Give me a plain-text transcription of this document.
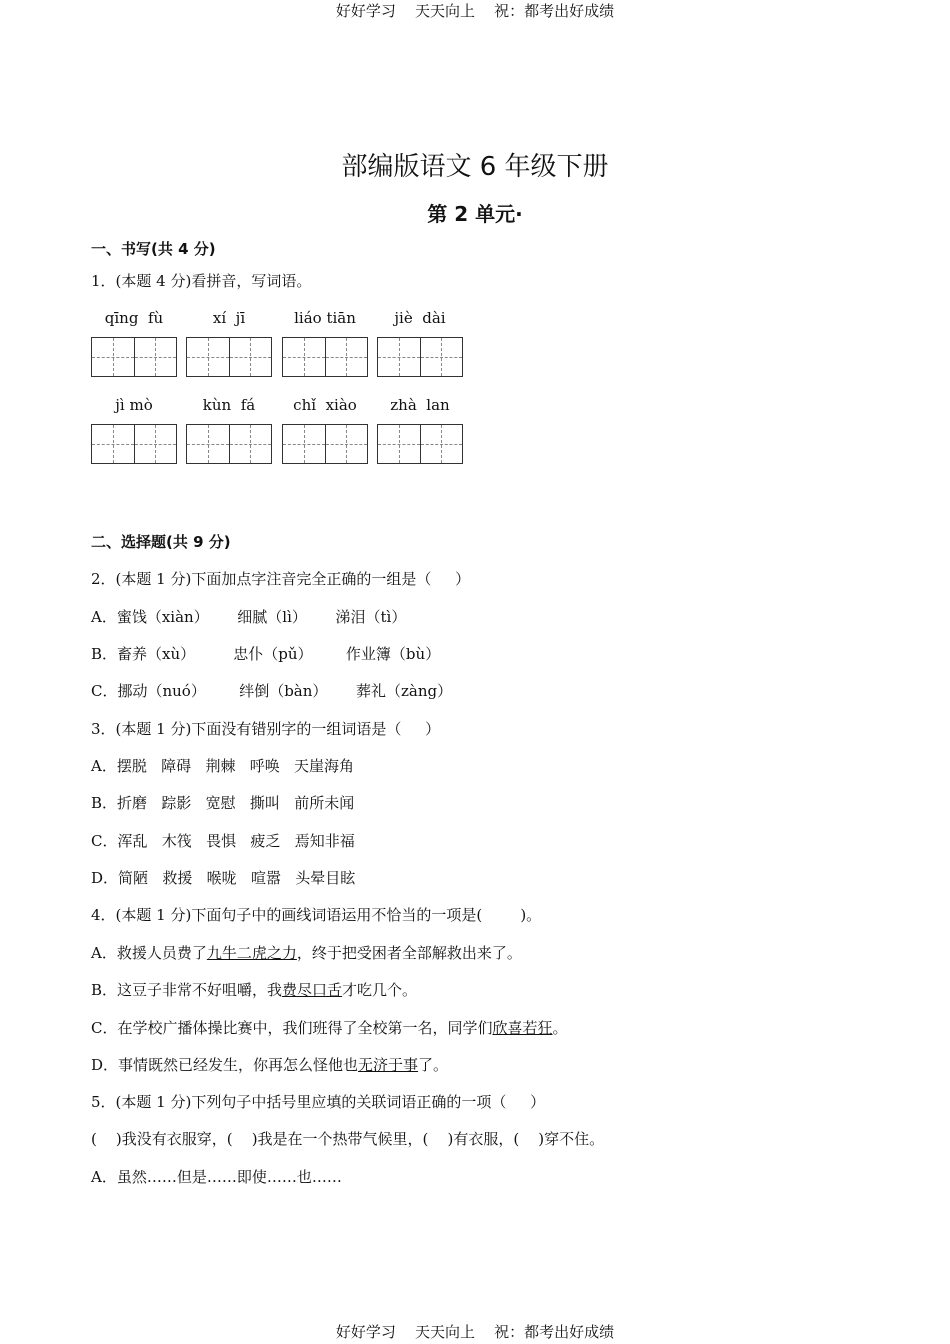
好好学习    天天向上    祝：都考出好成绩
部编版语文 6 年级下册
第 2 单元·
一、书写(共 4 分)
1．(本题 4 分)看拼音，写词语。
qīng  fù	xí  jī	liáo tiān	jiè  dài
jì mò	kùn  fá	chǐ  xiào	zhà  lan
二、选择题(共 9 分)
2．(本题 1 分)下面加点字注音完全正确的一组是（     ）
A．蜜饯（xiàn）      细腻（lì）      涕泪（tì）
B．畜养（xù）        忠仆（pǔ）       作业簿（bù）
C．挪动（nuó）       绊倒（bàn）      葬礼（zàng）
3．(本题 1 分)下面没有错别字的一组词语是（     ）
A．摆脱   障碍   荆棘   呼唤   天崖海角
B．折磨   踪影   宽慰   撕叫   前所未闻
C．浑乱   木筏   畏惧   疲乏   焉知非福
D．简陋   救援   喉咙   喧嚣   头晕目眩
4．(本题 1 分)下面句子中的画线词语运用不恰当的一项是(        )。
A．救援人员费了九牛二虎之力，终于把受困者全部解救出来了。
B．这豆子非常不好咀嚼，我费尽口舌才吃几个。
C．在学校广播体操比赛中，我们班得了全校第一名，同学们欣喜若狂。
D．事情既然已经发生，你再怎么怪他也无济于事了。
5．(本题 1 分)下列句子中括号里应填的关联词语正确的一项（     ）
(    )我没有衣服穿，(    )我是在一个热带气候里，(    )有衣服，(    )穿不住。
A．虽然……但是……即使……也……
好好学习    天天向上    祝：都考出好成绩
